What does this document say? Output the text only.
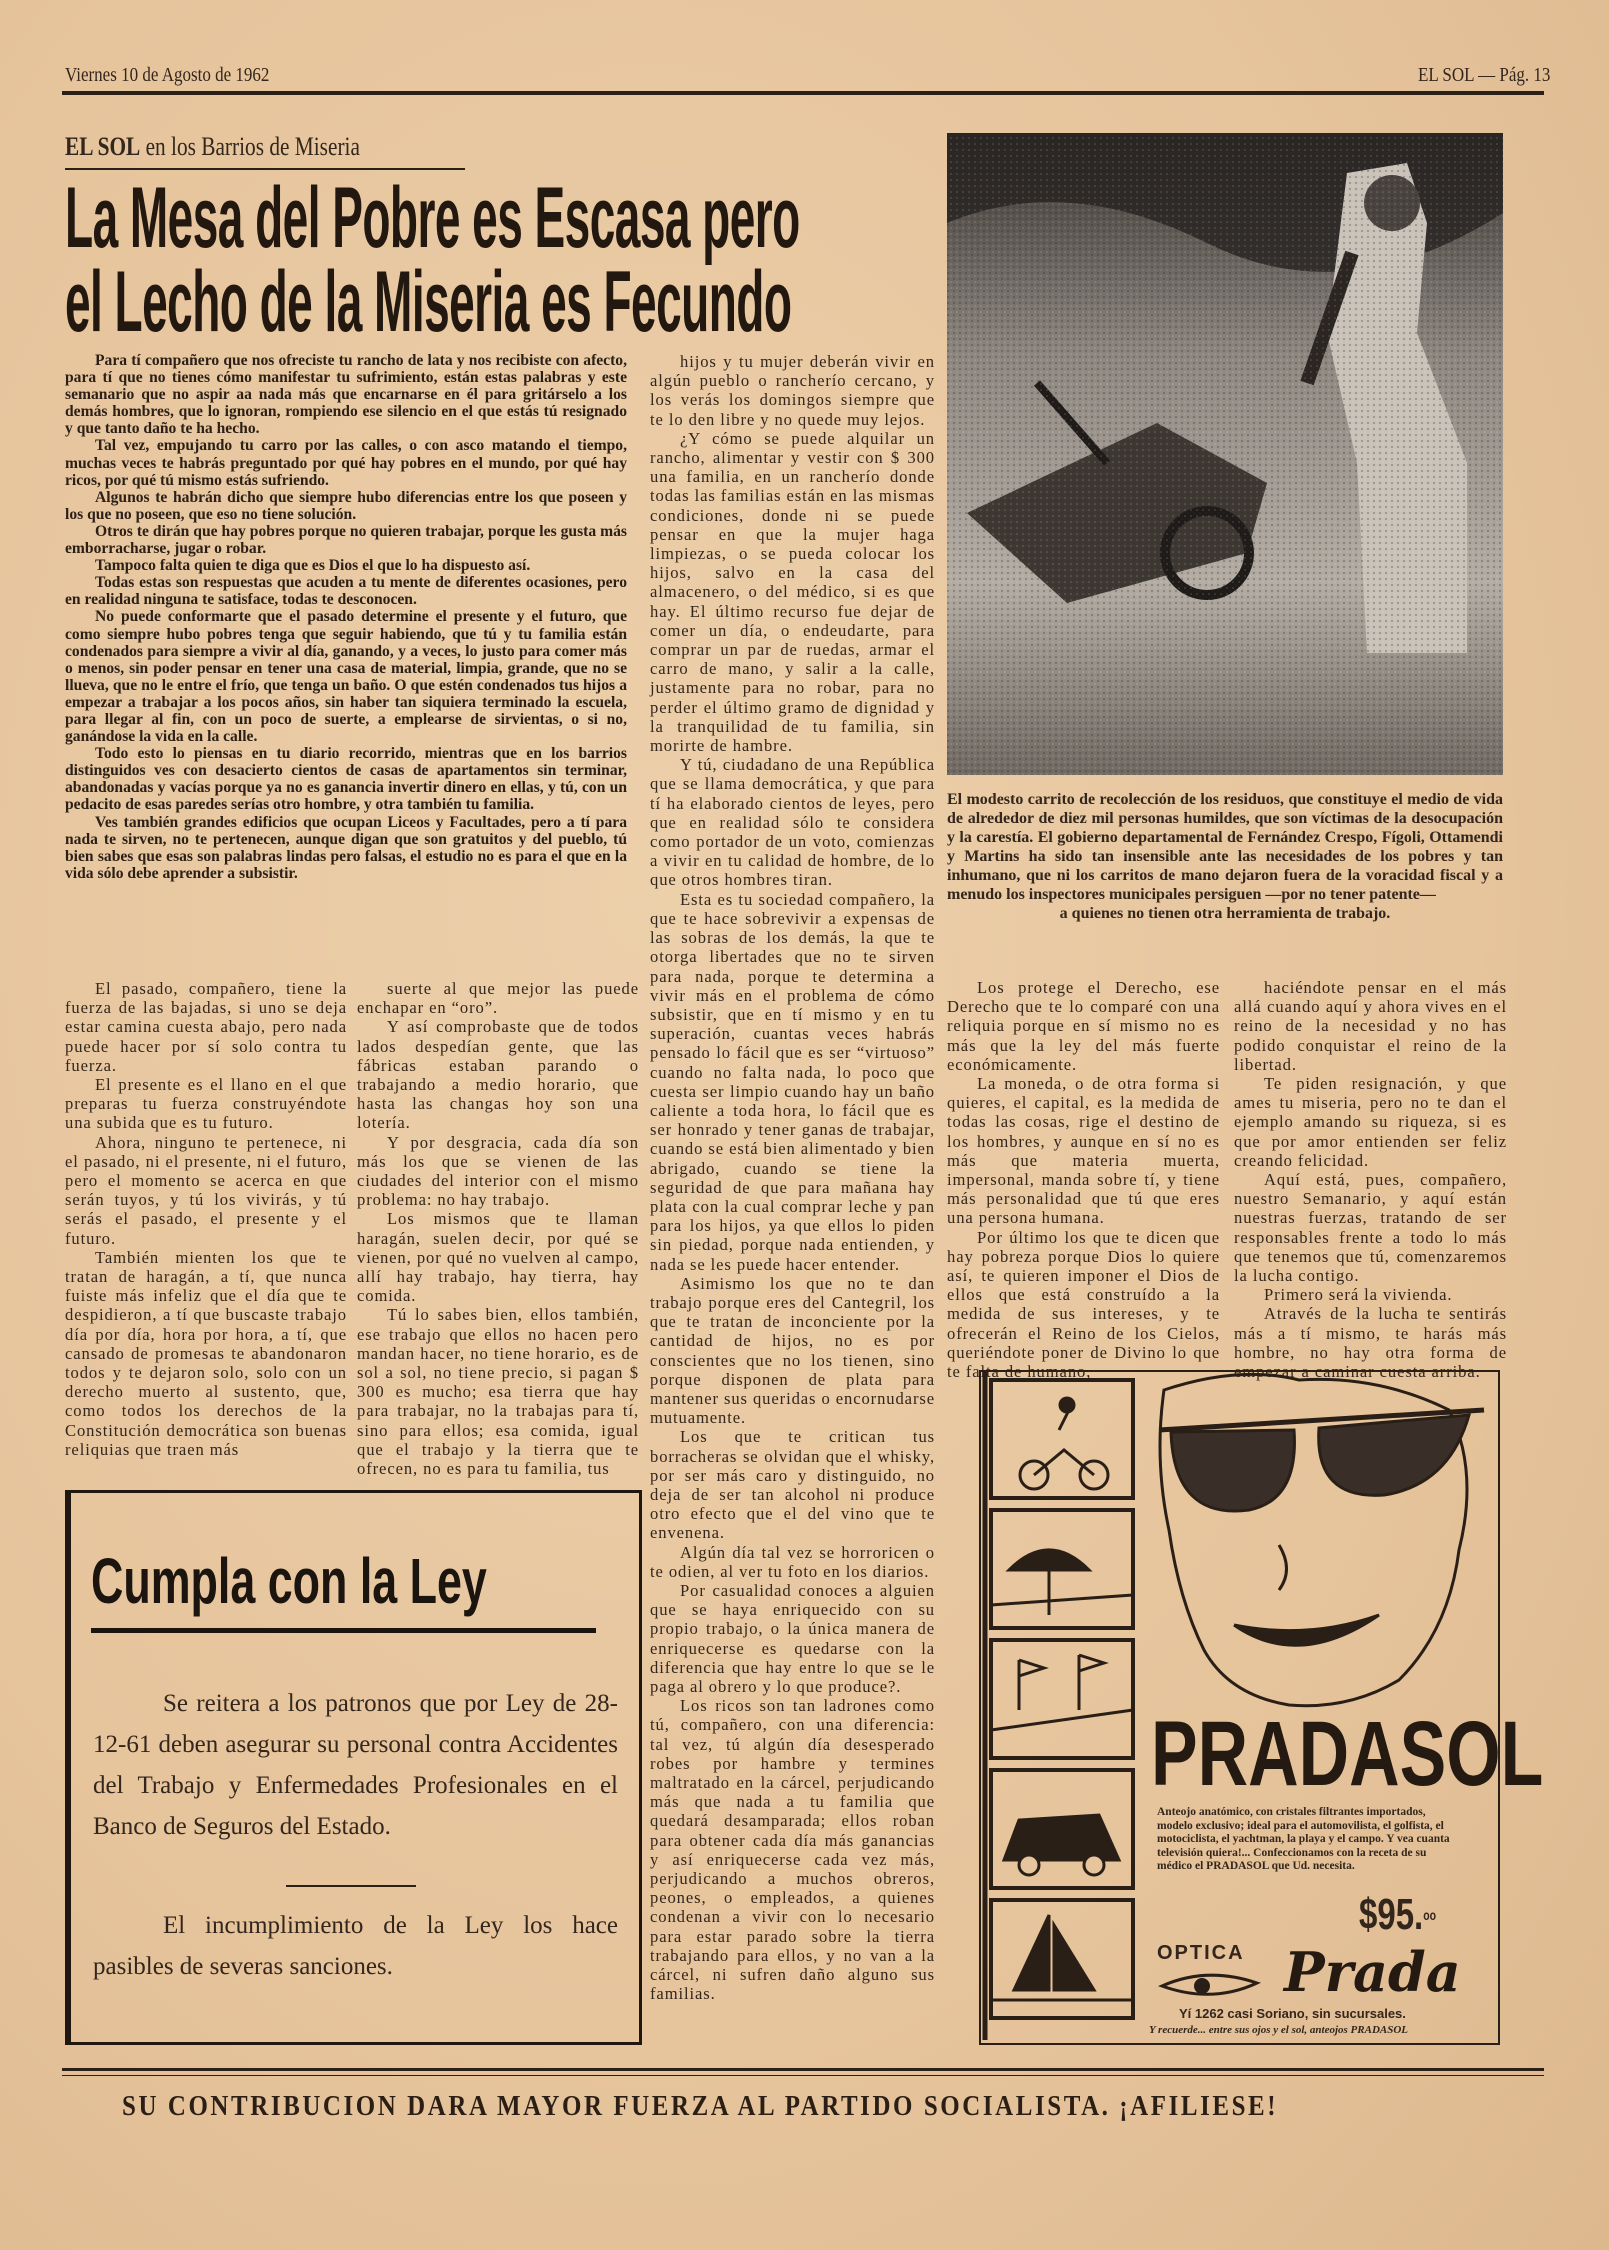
Viernes 10 de Agosto de 1962	EL SOL — Pág. 13
EL SOL en los Barrios de Miseria
La Mesa del Pobre es Escasa pero
el Lecho de la Miseria es Fecundo

Para tí compañero que nos ofreciste tu rancho de lata y nos recibiste con afecto, para tí que no tienes cómo manifestar tu sufrimiento, están estas palabras y este semanario que no aspir aa nada más que encarnarse en él para gritárselo a los demás hombres, que lo ignoran, rompiendo ese silencio en el que estás tú resignado y que tanto daño te ha hecho.

Tal vez, empujando tu carro por las calles, o con asco matando el tiempo, muchas veces te habrás preguntado por qué hay pobres en el mundo, por qué hay ricos, por qué tú mismo estás sufriendo.

Algunos te habrán dicho que siempre hubo diferencias entre los que poseen y los que no poseen, que eso no tiene solución.

Otros te dirán que hay pobres porque no quieren trabajar, porque les gusta más emborracharse, jugar o robar.

Tampoco falta quien te diga que es Dios el que lo ha dispuesto así.

Todas estas son respuestas que acuden a tu mente de diferentes ocasiones, pero en realidad ninguna te satisface, todas te desconocen.

No puede conformarte que el pasado determine el presente y el futuro, que como siempre hubo pobres tenga que seguir habiendo, que tú y tu familia están condenados para siempre a vivir al día, ganando, y a veces, lo justo para comer más o menos, sin poder pensar en tener una casa de material, limpia, grande, que no se llueva, que no le entre el frío, que tenga un baño. O que estén condenados tus hijos a empezar a trabajar a los pocos años, sin haber tan siquiera terminado la escuela, para llegar al fin, con un poco de suerte, a emplearse de sirvientas, o si no, ganándose la vida en la calle.

Todo esto lo piensas en tu diario recorrido, mientras que en los barrios distinguidos ves con desacierto cientos de casas de apartamentos sin terminar, abandonadas y vacías porque ya no es ganancia invertir dinero en ellas, y tú, con un pedacito de esas paredes serías otro hombre, y otra también tu familia.

Ves también grandes edificios que ocupan Liceos y Facultades, pero a tí para nada te sirven, no te pertenecen, aunque digan que son gratuitos y del pueblo, tú bien sabes que esas son palabras lindas pero falsas, el estudio no es para el que en la vida sólo debe aprender a subsistir.

El pasado, compañero, tiene la fuerza de las bajadas, si uno se deja estar camina cuesta abajo, pero nada puede hacer por sí solo contra tu fuerza.

El presente es el llano en el que preparas tu fuerza construyéndote una subida que es tu futuro.

Ahora, ninguno te pertenece, ni el pasado, ni el presente, ni el futuro, pero el momento se acerca en que serán tuyos, y tú los vivirás, y tú serás el pasado, el presente y el futuro.

También mienten los que te tratan de haragán, a tí, que nunca fuiste más infeliz que el día que te despidieron, a tí que buscaste trabajo día por día, hora por hora, a tí, que cansado de promesas te abandonaron todos y te dejaron solo, solo con un derecho muerto al sustento, que, como todos los derechos de la Constitución democrática son buenas reliquias que traen más

suerte al que mejor las puede enchapar en “oro”.

Y así comprobaste que de todos lados despedían gente, que las fábricas estaban parando o trabajando a medio horario, que hasta las changas hoy son una lotería.

Y por desgracia, cada día son más los que se vienen de las ciudades del interior con el mismo problema: no hay trabajo.

Los mismos que te llaman haragán, suelen decir, por qué se vienen, por qué no vuelven al campo, allí hay trabajo, hay tierra, hay comida.

Tú lo sabes bien, ellos también, ese trabajo que ellos no hacen pero mandan hacer, no tiene horario, es de sol a sol, no tiene precio, si pagan $ 300 es mucho; esa tierra que hay para trabajar, no la trabajas para tí, sino para ellos; esa comida, igual que el trabajo y la tierra que te ofrecen, no es para tu familia, tus

hijos y tu mujer deberán vivir en algún pueblo o rancherío cercano, y los verás los domingos siempre que te lo den libre y no quede muy lejos.

¿Y cómo se puede alquilar un rancho, alimentar y vestir con $ 300 una familia, en un rancherío donde todas las familias están en las mismas condiciones, donde ni se puede pensar en que la mujer haga limpiezas, o se pueda colocar los hijos, salvo en la casa del almacenero, o del médico, si es que hay. El último recurso fue dejar de comer un día, o endeudarte, para comprar un par de ruedas, armar el carro de mano, y salir a la calle, justamente para no robar, para no perder el último gramo de dignidad y la tranquilidad de tu familia, sin morirte de hambre.

Y tú, ciudadano de una República que se llama democrática, y que para tí ha elaborado cientos de leyes, pero que en realidad sólo te considera como portador de un voto, comienzas a vivir en tu calidad de hombre, de lo que otros hombres tiran.

Esta es tu sociedad compañero, la que te hace sobrevivir a expensas de las sobras de los demás, la que te otorga libertades que no te sirven para nada, porque te determina a vivir más en el problema de cómo subsistir, que en tí mismo y en tu superación, cuantas veces habrás pensado lo fácil que es ser “virtuoso” cuando no falta nada, lo poco que cuesta ser limpio cuando hay un baño caliente a toda hora, lo fácil que es ser honrado y tener ganas de trabajar, cuando se está bien alimentado y bien abrigado, cuando se tiene la seguridad de que para mañana hay plata con la cual comprar leche y pan para los hijos, ya que ellos lo piden sin piedad, porque nada entienden, y nada se les puede hacer entender.

Asimismo los que no te dan trabajo porque eres del Cantegril, los que te tratan de inconciente por la cantidad de hijos, no es por conscientes que no los tienen, sino porque disponen de plata para mantener sus queridas o encornudarse mutuamente.

Los que te critican tus borracheras se olvidan que el whisky, por ser más caro y distinguido, no deja de ser tan alcohol ni produce otro efecto que el del vino que te envenena.

Algún día tal vez se horroricen o te odien, al ver tu foto en los diarios.

Por casualidad conoces a alguien que se haya enriquecido con su propio trabajo, o la única manera de enriquecerse es quedarse con la diferencia que hay entre lo que se le paga al obrero y lo que produce?.

Los ricos son tan ladrones como tú, compañero, con una diferencia: tal vez, tú algún día desesperado robes por hambre y termines maltratado en la cárcel, perjudicando más que nada a tu familia que quedará desamparada; ellos roban para obtener cada día más ganancias y así enriquecerse cada vez más, perjudicando a muchos obreros, peones, o empleados, a quienes condenan a vivir con lo necesario para estar parado sobre la tierra trabajando para ellos, y no van a la cárcel, ni sufren daño alguno sus familias.

El modesto carrito de recolección de los residuos, que constituye el medio de vida de alrededor de diez mil personas humildes, que son víctimas de la desocupación y la carestía. El gobierno departamental de Fernández Crespo, Fígoli, Ottamendi y Martins ha sido tan insensible ante las necesidades de los pobres y tan inhumano, que ni los carritos de mano dejaron fuera de la voracidad fiscal y a menudo los inspectores municipales persiguen —por no tener patente—
a quienes no tienen otra herramienta de trabajo.

Los protege el Derecho, ese Derecho que te lo comparé con una reliquia porque en sí mismo no es más que la ley del más fuerte económicamente.

La moneda, o de otra forma si quieres, el capital, es la medida de todas las cosas, rige el destino de los hombres, y aunque en sí no es más que materia muerta, impersonal, manda sobre tí, y tiene más personalidad que tú que eres una persona humana.

Por último los que te dicen que hay pobreza porque Dios lo quiere así, te quieren imponer el Dios de ellos que está construído a la medida de sus intereses, y te ofrecerán el Reino de los Cielos, queriéndote poner de Divino lo que te falta de humano,

haciéndote pensar en el más allá cuando aquí y ahora vives en el reino de la necesidad y no has podido conquistar el reino de la libertad.

Te piden resignación, y que ames tu miseria, pero no te dan el ejemplo amando su riqueza, si es que por amor entienden ser feliz creando felicidad.

Aquí está, pues, compañero, nuestro Semanario, y aquí están nuestras fuerzas, tratando de ser responsables frente a todo lo más que tenemos que tú, comenzaremos la lucha contigo.

Primero será la vivienda.

Através de la lucha te sentirás más a tí mismo, te harás más hombre, no hay otra forma de empezar a caminar cuesta arriba.

Cumpla con la Ley

Se reitera a los patronos que por Ley de 28-12-61 deben asegurar su personal contra Accidentes del Trabajo y Enfermedades Profesionales en el Banco de Seguros del Estado.

El incumplimiento de la Ley los hace pasibles de severas sanciones.

PRADASOL
Anteojo anatómico, con cristales filtrantes importados, modelo exclusivo; ideal para el automovilista, el golfista, el motociclista, el yachtman, la playa y el campo. Y vea cuanta televisión quiera!... Confeccionamos con la receta de su médico el PRADASOL que Ud. necesita.
$95.$^{oo}$
OPTICA Prada
Yí 1262 casi Soriano, sin sucursales.
Y recuerde... entre sus ojos y el sol, anteojos PRADASOL
SU CONTRIBUCION DARA MAYOR FUERZA AL PARTIDO SOCIALISTA. ¡AFILIESE!
